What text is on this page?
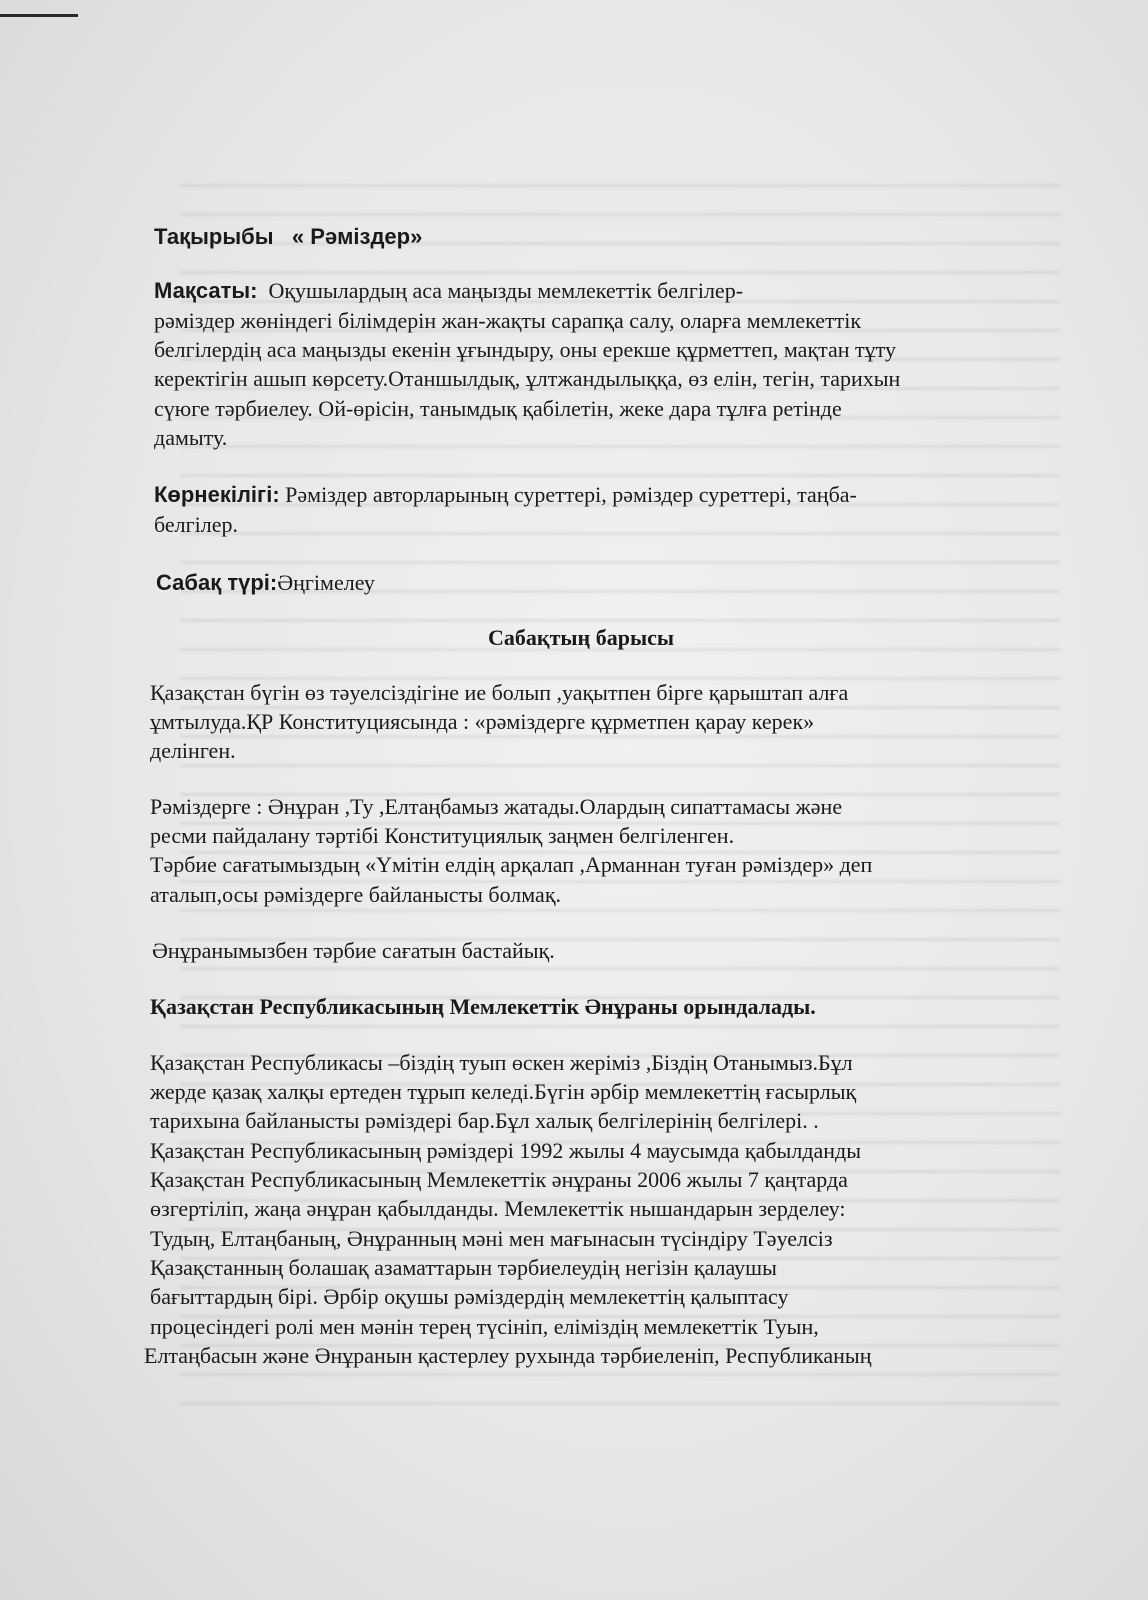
Тақырыбы « Рәміздер»
Мақсаты: Оқушылардың аса маңызды мемлекеттік белгілер-
рәміздер жөніндегі білімдерін жан-жақты сарапқа салу, оларға мемлекеттік
белгілердің аса маңызды екенін ұғындыру, оны ерекше құрметтеп, мақтан тұту
керектігін ашып көрсету.Отаншылдық, ұлтжандылыққа, өз елін, тегін, тарихын
сүюге тәрбиелеу. Ой-өрісін, танымдық қабілетін, жеке дара тұлға ретінде
дамыту.
Көрнекілігі: Рәміздер авторларының суреттері, рәміздер суреттері, таңба-
белгілер.
Сабақ түрі:Әңгімелеу
Сабақтың барысы
Қазақстан бүгін өз тәуелсіздігіне ие болып ,уақытпен бірге қарыштап алға
ұмтылуда.ҚР Конституциясында : «рәміздерге құрметпен қарау керек»
делінген.
Рәміздерге : Әнұран ,Ту ,Елтаңбамыз жатады.Олардың сипаттамасы және
ресми пайдалану тәртібі Конституциялық заңмен белгіленген.
Тәрбие сағатымыздың «Үмітін елдің арқалап ,Арманнан туған рәміздер» деп
аталып,осы рәміздерге байланысты болмақ.
Әнұранымызбен тәрбие сағатын бастайық.
Қазақстан Республикасының Мемлекеттік Әнұраны орындалады.
Қазақстан Республикасы –біздің туып өскен жеріміз ,Біздің Отанымыз.Бұл
жерде қазақ халқы ертеден тұрып келеді.Бүгін әрбір мемлекеттің ғасырлық
тарихына байланысты рәміздері бар.Бұл халық белгілерінің белгілері. .
Қазақстан Республикасының рәміздері 1992 жылы 4 маусымда қабылданды
Қазақстан Республикасының Мемлекеттік әнұраны 2006 жылы 7 қаңтарда
өзгертіліп, жаңа әнұран қабылданды. Мемлекеттік нышандарын зерделеу:
Тудың, Елтаңбаның, Әнұранның мәні мен мағынасын түсіндіру Тәуелсіз
Қазақстанның болашақ азаматтарын тәрбиелеудің негізін қалаушы
бағыттардың бірі. Әрбір оқушы рәміздердің мемлекеттің қалыптасу
процесіндегі ролі мен мәнін терең түсініп, еліміздің мемлекеттік Туын,
Елтаңбасын және Әнұранын қастерлеу рухында тәрбиеленіп, Республиканың
